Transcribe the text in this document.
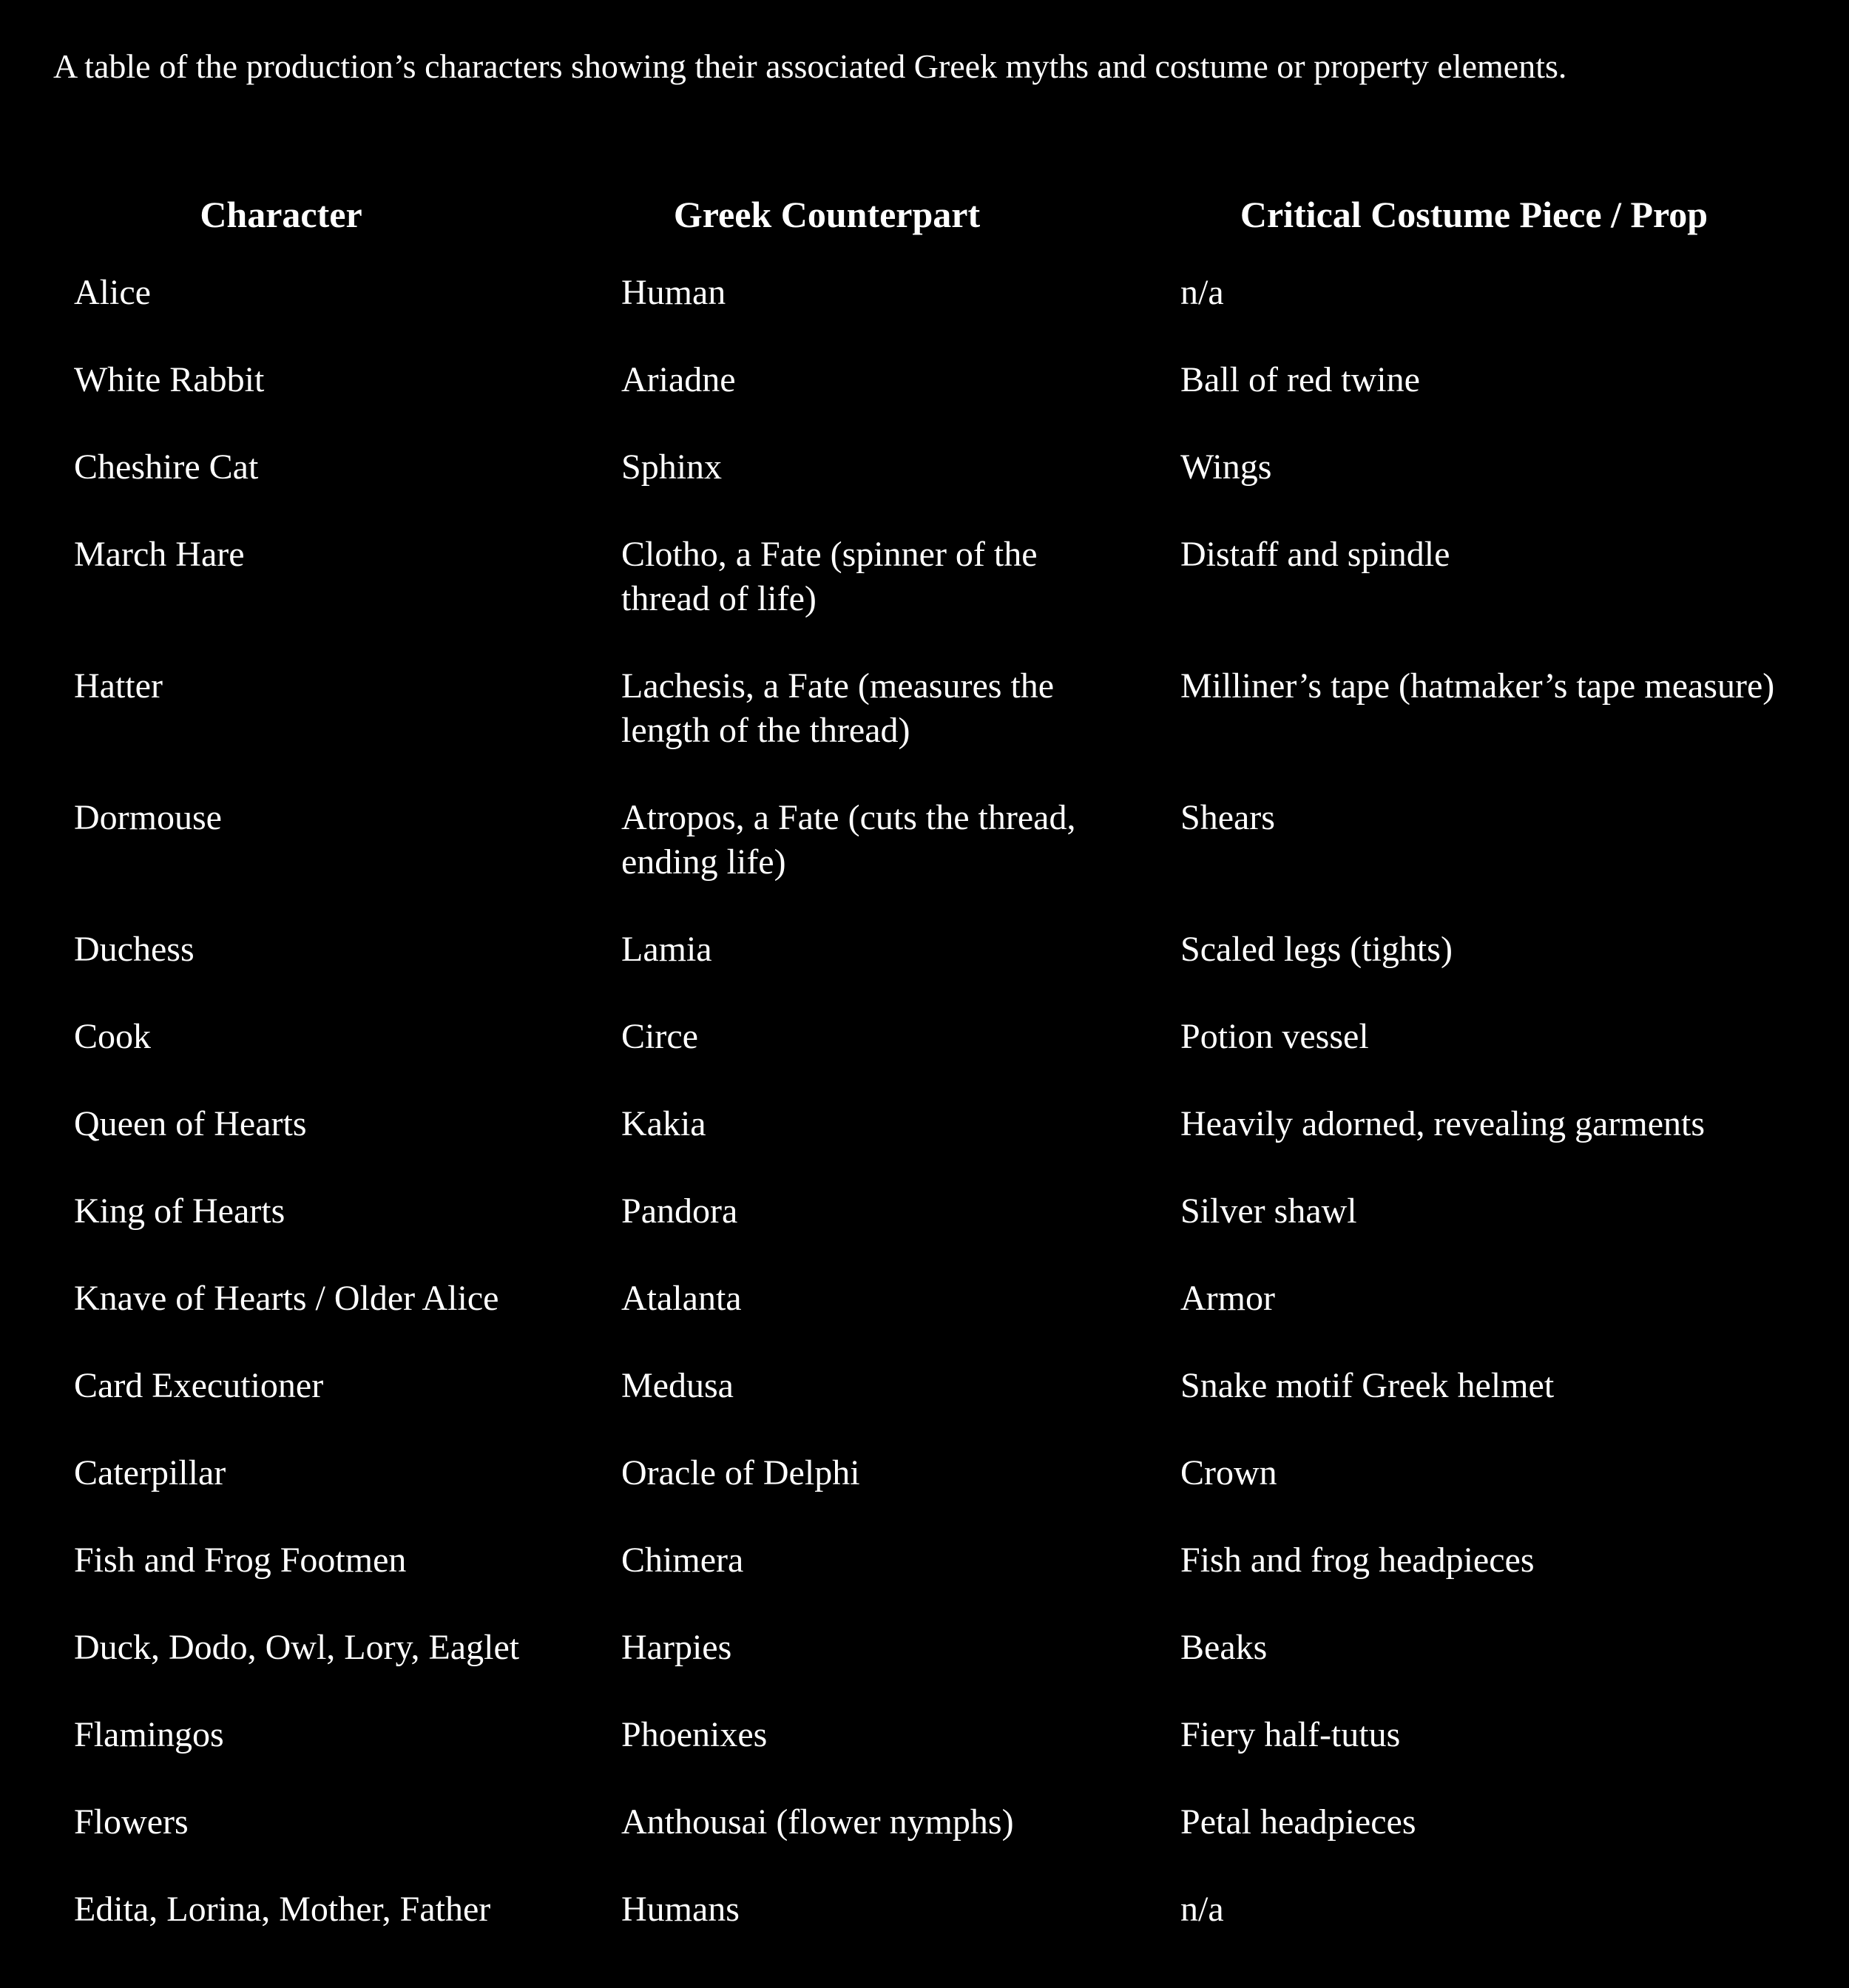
A table of the production’s characters showing their associated Greek myths and costume or property elements.
Character	Greek Counterpart	Critical Costume Piece / Prop

Alice	Human	n/a
White Rabbit	Ariadne	Ball of red twine
Cheshire Cat	Sphinx	Wings
March Hare	Clotho, a Fate (spinner of the thread of life)	Distaff and spindle
Hatter	Lachesis, a Fate (measures the length of the thread)	Milliner’s tape (hatmaker’s tape measure)
Dormouse	Atropos, a Fate (cuts the thread, ending life)	Shears
Duchess	Lamia	Scaled legs (tights)
Cook	Circe	Potion vessel
Queen of Hearts	Kakia	Heavily adorned, revealing garments
King of Hearts	Pandora	Silver shawl
Knave of Hearts / Older Alice	Atalanta	Armor
Card Executioner	Medusa	Snake motif Greek helmet
Caterpillar	Oracle of Delphi	Crown
Fish and Frog Footmen	Chimera	Fish and frog headpieces
Duck, Dodo, Owl, Lory, Eaglet	Harpies	Beaks
Flamingos	Phoenixes	Fiery half-tutus
Flowers	Anthousai (flower nymphs)	Petal headpieces
Edita, Lorina, Mother, Father	Humans	n/a
